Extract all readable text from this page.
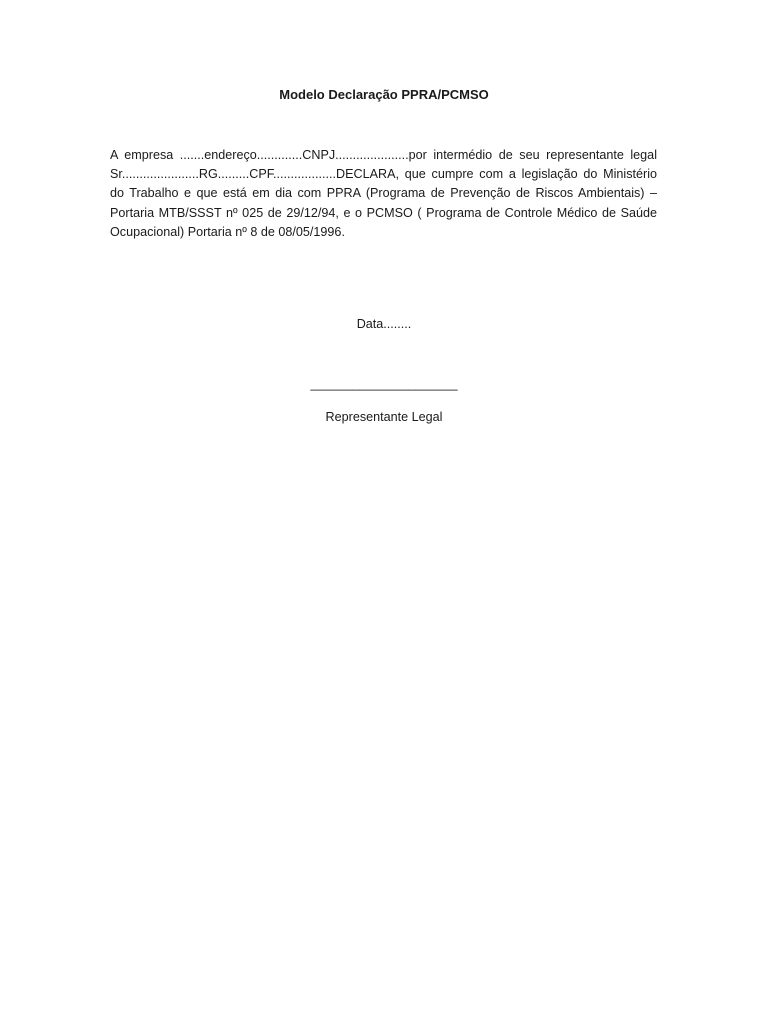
Modelo Declaração PPRA/PCMSO

A empresa .......endereço.............CNPJ.....................por intermédio de seu representante legal Sr......................RG.........CPF..................DECLARA, que cumpre com a legislação do Ministério do Trabalho e que está em dia com PPRA (Programa de Prevenção de Riscos Ambientais) – Portaria MTB/SSST nº 025 de 29/12/94, e o PCMSO ( Programa de Controle Médico de Saúde Ocupacional) Portaria nº 8 de 08/05/1996.

Data........
_____________________
Representante Legal
